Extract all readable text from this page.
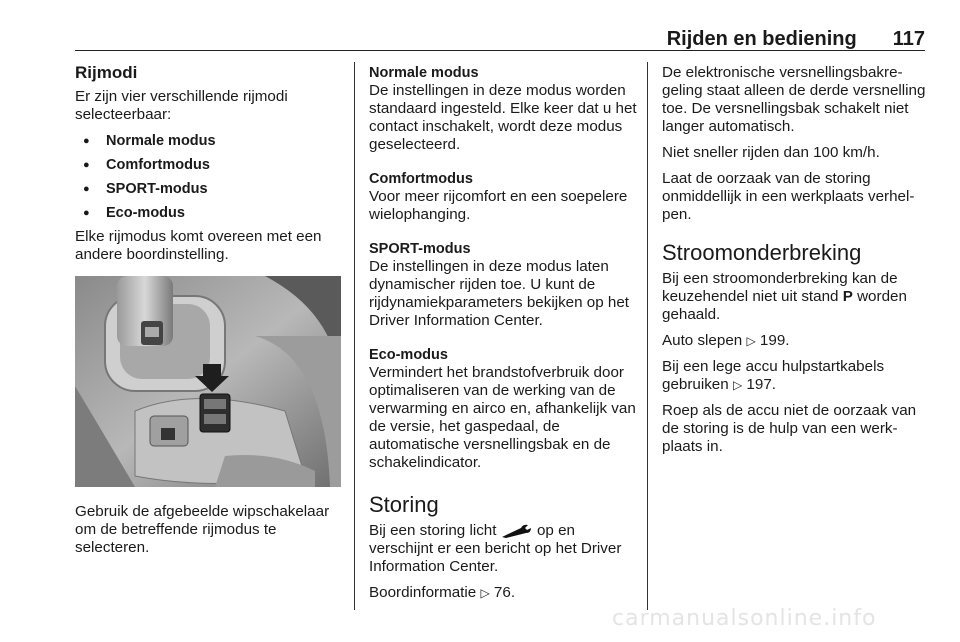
Rijden en bediening 117
Rijmodi

Er zijn vier verschillende rijmodi selecteerbaar:

● Normale modus
● Comfortmodus
● SPORT-modus
● Eco-modus

Elke rijmodus komt overeen met een andere boordinstelling.

Gebruik de afgebeelde wipschakelaar om de betreffende rijmodus te selecteren.

Normale modus

De instellingen in deze modus worden standaard ingesteld. Elke keer dat u het contact inschakelt, wordt deze modus geselecteerd.

Comfortmodus

Voor meer rijcomfort en een soepelere wielophanging.

SPORT-modus

De instellingen in deze modus laten dynamischer rijden toe. U kunt de rijdynamiekparameters bekijken op het Driver Information Center.

Eco-modus

Vermindert het brandstofverbruik door optimaliseren van de werking van de verwarming en airco en, afhankelijk van de versie, het gaspedaal, de automatische versnellingsbak en de schakelindicator.

Storing

Bij een storing licht	op en verschijnt er een bericht op het Driver Information Center.

Boordinformatie ▷ 76.

De elektronische versnellingsbakregeling staat alleen de derde versnelling toe. De versnellingsbak schakelt niet langer automatisch.

Niet sneller rijden dan 100 km/h.

Laat de oorzaak van de storing onmiddellijk in een werkplaats verhelpen.

Stroomonderbreking

Bij een stroomonderbreking kan de keuzehendel niet uit stand P worden gehaald.

Auto slepen ▷ 199.

Bij een lege accu hulpstartkabels gebruiken ▷ 197.

Roep als de accu niet de oorzaak van de storing is de hulp van een werkplaats in.

carmanualsonline.info
